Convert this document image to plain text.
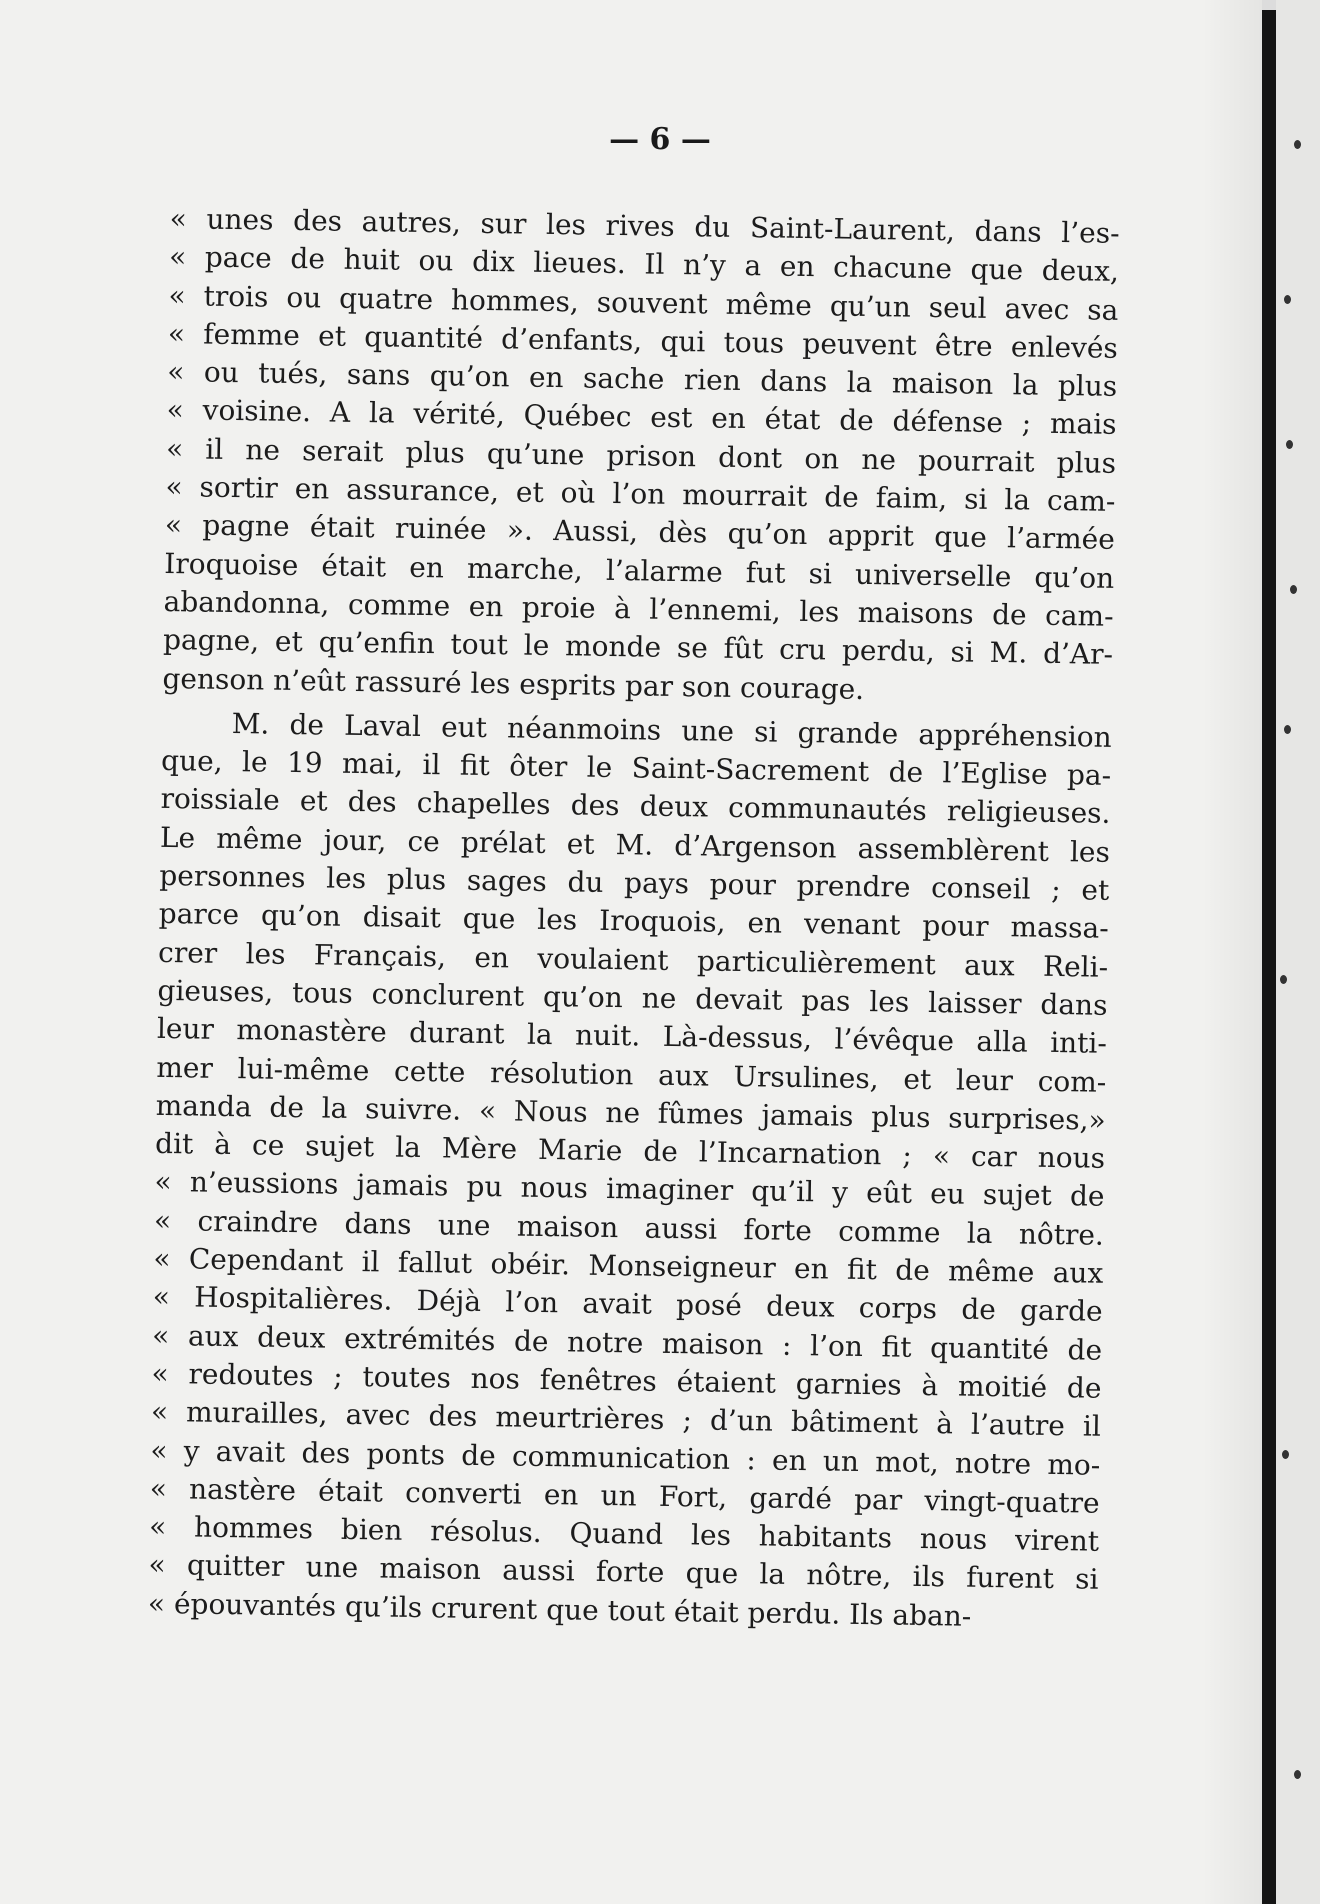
— 6 —
« unes des autres, sur les rives du Saint-Laurent, dans l’es-
« pace de huit ou dix lieues. Il n’y a en chacune que deux,
« trois ou quatre hommes, souvent même qu’un seul avec sa
« femme et quantité d’enfants, qui tous peuvent être enlevés
« ou tués, sans qu’on en sache rien dans la maison la plus
« voisine. A la vérité, Québec est en état de défense ; mais
« il ne serait plus qu’une prison dont on ne pourrait plus
« sortir en assurance, et où l’on mourrait de faim, si la cam-
« pagne était ruinée ». Aussi, dès qu’on apprit que l’armée
Iroquoise était en marche, l’alarme fut si universelle qu’on
abandonna, comme en proie à l’ennemi, les maisons de cam-
pagne, et qu’enfin tout le monde se fût cru perdu, si M. d’Ar-
genson n’eût rassuré les esprits par son courage.
M. de Laval eut néanmoins une si grande appréhension
que, le 19 mai, il fit ôter le Saint-Sacrement de l’Eglise pa-
roissiale et des chapelles des deux communautés religieuses.
Le même jour, ce prélat et M. d’Argenson assemblèrent les
personnes les plus sages du pays pour prendre conseil ; et
parce qu’on disait que les Iroquois, en venant pour massa-
crer les Français, en voulaient particulièrement aux Reli-
gieuses, tous conclurent qu’on ne devait pas les laisser dans
leur monastère durant la nuit. Là-dessus, l’évêque alla inti-
mer lui-même cette résolution aux Ursulines, et leur com-
manda de la suivre. « Nous ne fûmes jamais plus surprises,»
dit à ce sujet la Mère Marie de l’Incarnation ; « car nous
« n’eussions jamais pu nous imaginer qu’il y eût eu sujet de
« craindre dans une maison aussi forte comme la nôtre.
« Cependant il fallut obéir. Monseigneur en fit de même aux
« Hospitalières. Déjà l’on avait posé deux corps de garde
« aux deux extrémités de notre maison : l’on fit quantité de
« redoutes ; toutes nos fenêtres étaient garnies à moitié de
« murailles, avec des meurtrières ; d’un bâtiment à l’autre il
« y avait des ponts de communication : en un mot, notre mo-
« nastère était converti en un Fort, gardé par vingt-quatre
« hommes bien résolus. Quand les habitants nous virent
« quitter une maison aussi forte que la nôtre, ils furent si
« épouvantés qu’ils crurent que tout était perdu. Ils aban-
